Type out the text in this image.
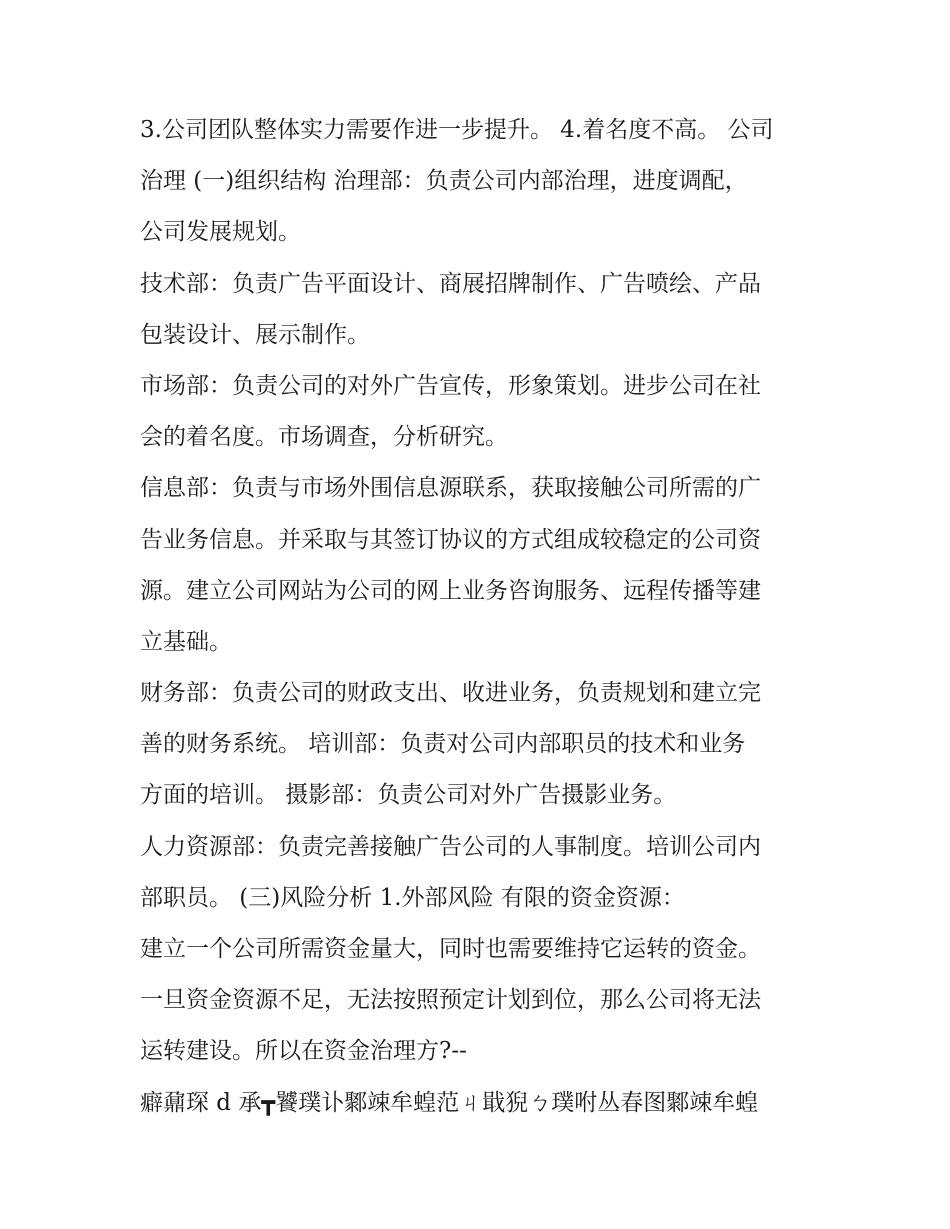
3.公司团队整体实力需要作进一步提升。 4.着名度不高。 公司
治理 (一)组织结构 治理部：负责公司内部治理，进度调配，
公司发展规划。
技术部：负责广告平面设计、商展招牌制作、广告喷绘、产品
包装设计、展示制作。
市场部：负责公司的对外广告宣传，形象策划。进步公司在社
会的着名度。市场调查，分析研究。
信息部：负责与市场外围信息源联系，获取接触公司所需的广
告业务信息。并采取与其签订协议的方式组成较稳定的公司资
源。建立公司网站为公司的网上业务咨询服务、远程传播等建
立基础。
财务部：负责公司的财政支出、收进业务，负责规划和建立完
善的财务系统。 培训部：负责对公司内部职员的技术和业务
方面的培训。 摄影部：负责公司对外广告摄影业务。
人力资源部：负责完善接触广告公司的人事制度。培训公司内
部职员。 (三)风险分析 1.外部风险 有限的资金资源：
建立一个公司所需资金量大，同时也需要维持它运转的资金。
一旦资金资源不足，无法按照预定计划到位，那么公司将无法
运转建设。所以在资金治理方?--
癖鼐琛 d 承┳饕璞讣鄹竦牟蝗范ㄐ戢猊ㄅ璞咐丛春图鄹竦牟蝗
